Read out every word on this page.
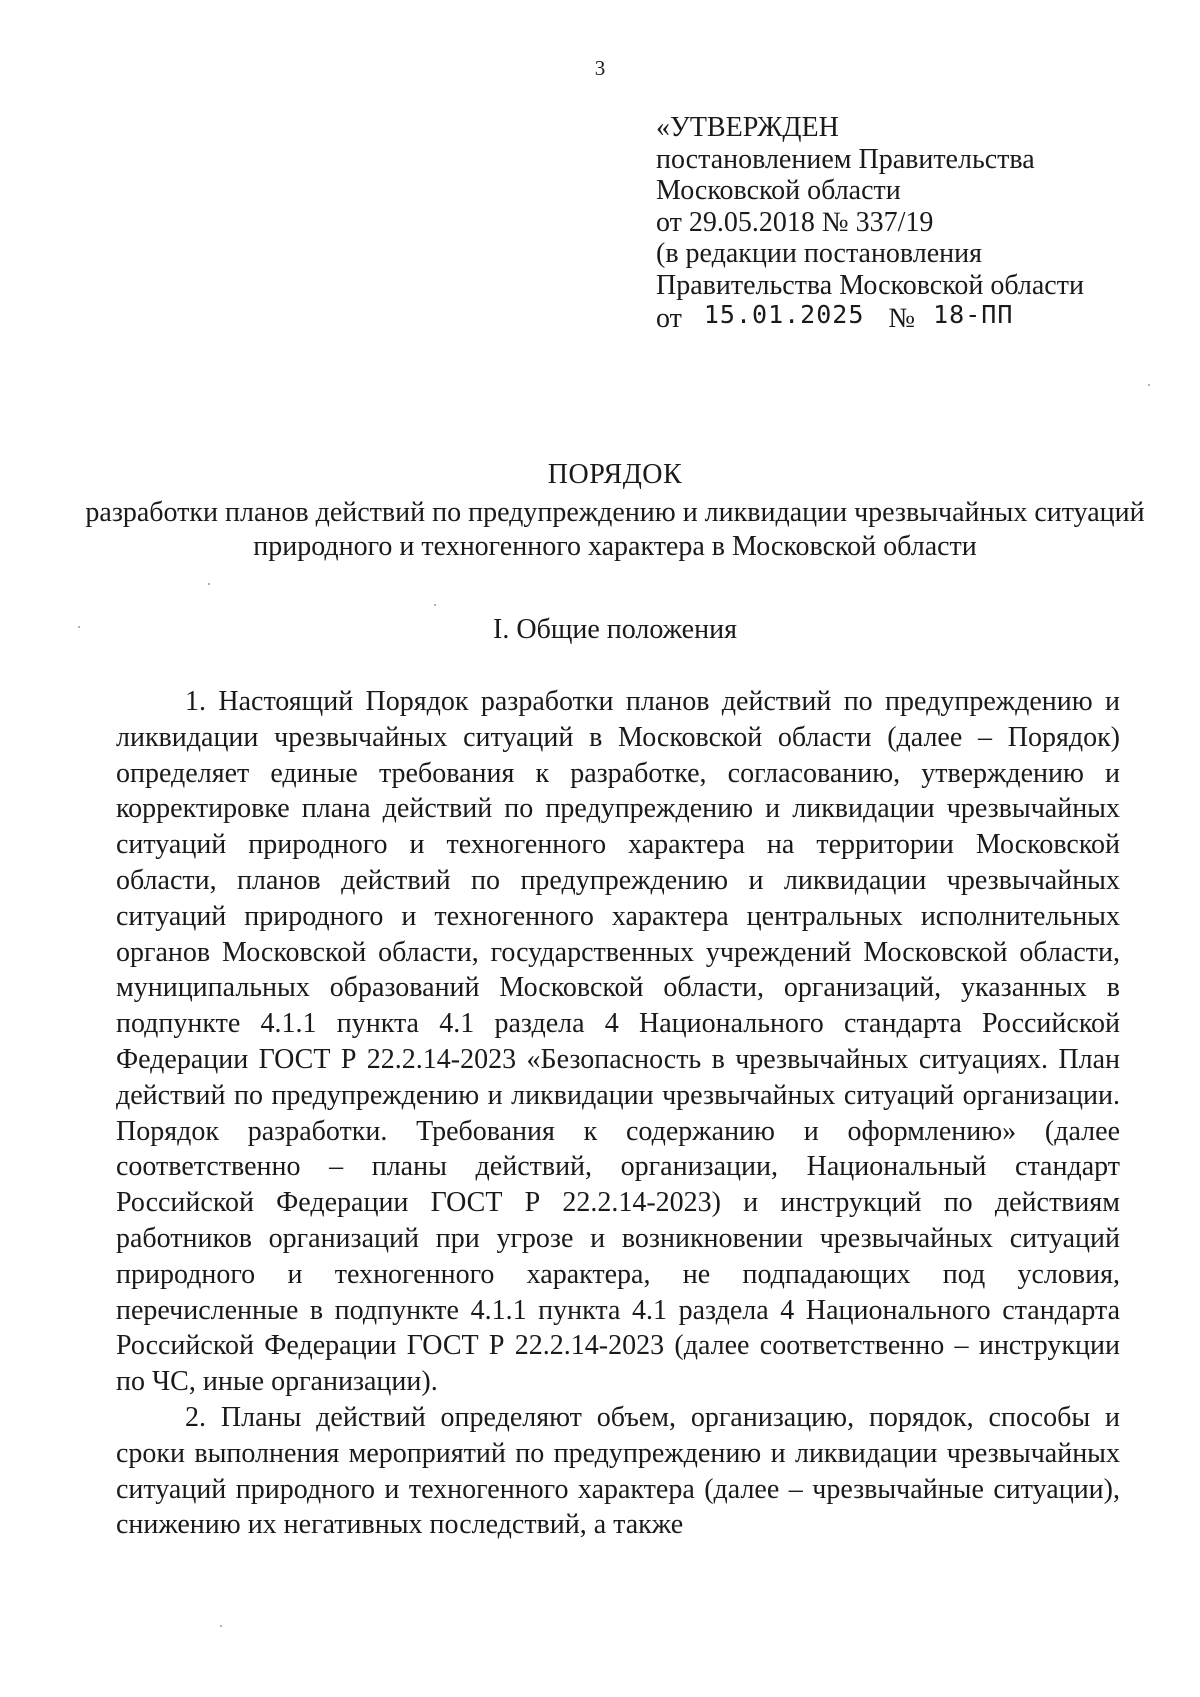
3
«УТВЕРЖДЕН
постановлением Правительства
Московской области
от 29.05.2018 № 337/19
(в редакции постановления
Правительства Московской области
от 15.01.2025 № 18-ПП
ПОРЯДОК
разработки планов действий по предупреждению и ликвидации чрезвычайных ситуаций природного и техногенного характера в Московской области
I. Общие положения

1. Настоящий Порядок разработки планов действий по предупреждению и ликвидации чрезвычайных ситуаций в Московской области (далее – Порядок) определяет единые требования к разработке, согласованию, утверждению и корректировке плана действий по предупреждению и ликвидации чрезвычайных ситуаций природного и техногенного характера на территории Московской области, планов действий по предупреждению и ликвидации чрезвычайных ситуаций природного и техногенного характера центральных исполнительных органов Московской области, государственных учреждений Московской области, муниципальных образований Московской области, организаций, указанных в подпункте 4.1.1 пункта 4.1 раздела 4 Национального стандарта Российской Федерации ГОСТ Р 22.2.14-2023 «Безопасность в чрезвычайных ситуациях. План действий по предупреждению и ликвидации чрезвычайных ситуаций организации. Порядок разработки. Требования к содержанию и оформлению» (далее соответственно – планы действий, организации, Национальный стандарт Российской Федерации ГОСТ Р 22.2.14-2023) и инструкций по действиям работников организаций при угрозе и возникновении чрезвычайных ситуаций природного и техногенного характера, не подпадающих под условия, перечисленные в подпункте 4.1.1 пункта 4.1 раздела 4 Национального стандарта Российской Федерации ГОСТ Р 22.2.14-2023 (далее соответственно – инструкции по ЧС, иные организации).

2. Планы действий определяют объем, организацию, порядок, способы и сроки выполнения мероприятий по предупреждению и ликвидации чрезвычайных ситуаций природного и техногенного характера (далее – чрезвычайные ситуации), снижению их негативных последствий, а также
